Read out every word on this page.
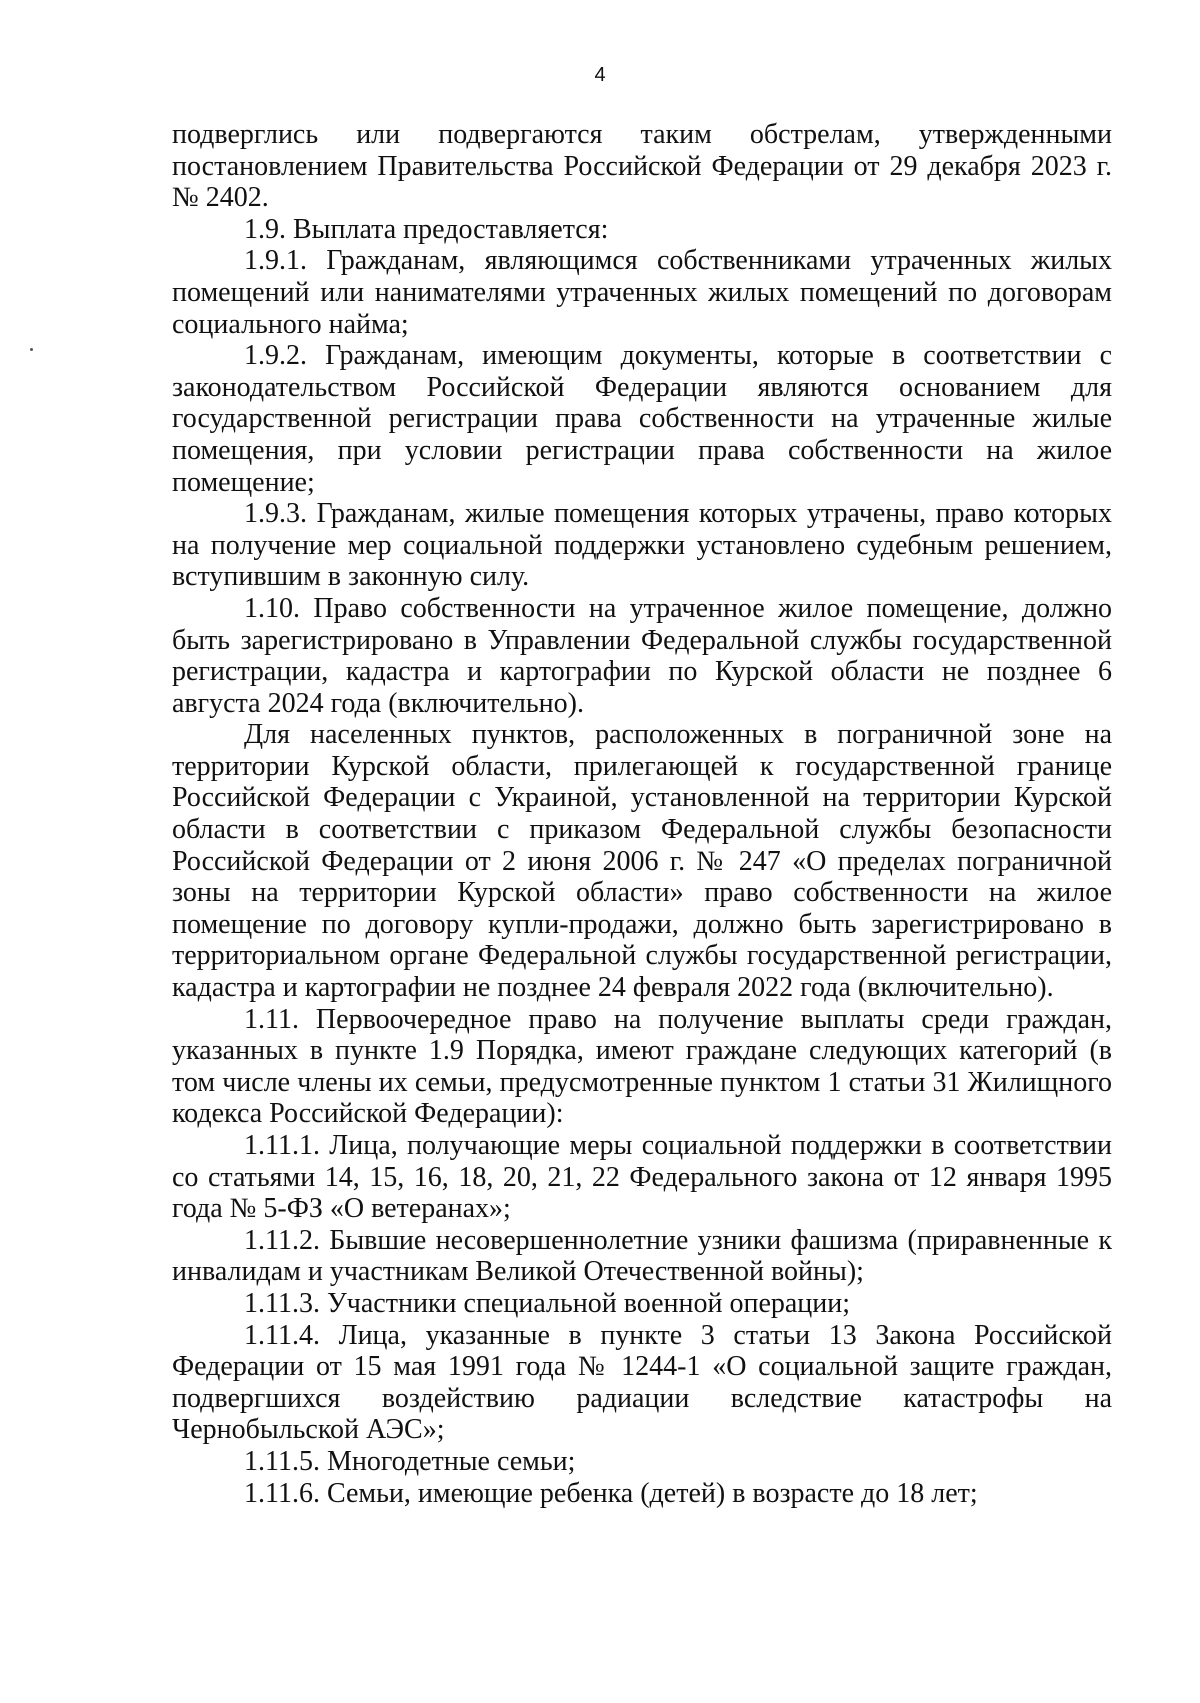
4

подверглись или подвергаются таким обстрелам, утвержденными постановлением Правительства Российской Федерации от 29 декабря 2023 г. № 2402.

1.9. Выплата предоставляется:

1.9.1. Гражданам, являющимся собственниками утраченных жилых помещений или нанимателями утраченных жилых помещений по договорам социального найма;

1.9.2. Гражданам, имеющим документы, которые в соответствии с законодательством Российской Федерации являются основанием для государственной регистрации права собственности на утраченные жилые помещения, при условии регистрации права собственности на жилое помещение;

1.9.3. Гражданам, жилые помещения которых утрачены, право которых на получение мер социальной поддержки установлено судебным решением, вступившим в законную силу.

1.10. Право собственности на утраченное жилое помещение, должно быть зарегистрировано в Управлении Федеральной службы государственной регистрации, кадастра и картографии по Курской области не позднее 6 августа 2024 года (включительно).

Для населенных пунктов, расположенных в пограничной зоне на территории Курской области, прилегающей к государственной границе Российской Федерации с Украиной, установленной на территории Курской области в соответствии с приказом Федеральной службы безопасности Российской Федерации от 2 июня 2006 г. № 247 «О пределах пограничной зоны на территории Курской области» право собственности на жилое помещение по договору купли-продажи, должно быть зарегистрировано в территориальном органе Федеральной службы государственной регистрации, кадастра и картографии не позднее 24 февраля 2022 года (включительно).

1.11. Первоочередное право на получение выплаты среди граждан, указанных в пункте 1.9 Порядка, имеют граждане следующих категорий (в том числе члены их семьи, предусмотренные пунктом 1 статьи 31 Жилищного кодекса Российской Федерации):

1.11.1. Лица, получающие меры социальной поддержки в соответствии со статьями 14, 15, 16, 18, 20, 21, 22 Федерального закона от 12 января 1995 года № 5-ФЗ «О ветеранах»;

1.11.2. Бывшие несовершеннолетние узники фашизма (приравненные к инвалидам и участникам Великой Отечественной войны);

1.11.3. Участники специальной военной операции;

1.11.4. Лица, указанные в пункте 3 статьи 13 Закона Российской Федерации от 15 мая 1991 года № 1244-1 «О социальной защите граждан, подвергшихся воздействию радиации вследствие катастрофы на Чернобыльской АЭС»;

1.11.5. Многодетные семьи;

1.11.6. Семьи, имеющие ребенка (детей) в возрасте до 18 лет;
